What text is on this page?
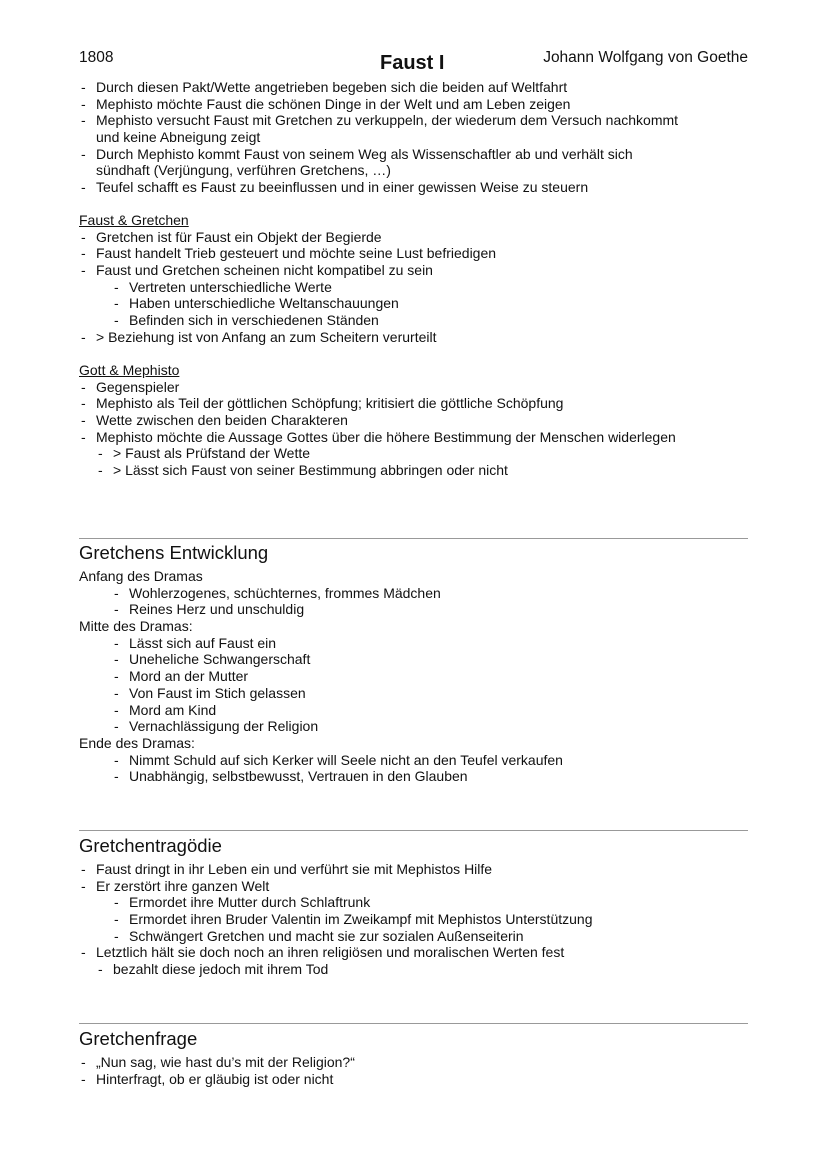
1808	Faust I	Johann Wolfgang von Goethe
- Durch diesen Pakt/Wette angetrieben begeben sich die beiden auf Weltfahrt
- Mephisto möchte Faust die schönen Dinge in der Welt und am Leben zeigen
- Mephisto versucht Faust mit Gretchen zu verkuppeln, der wiederum dem Versuch nachkommt
und keine Abneigung zeigt
- Durch Mephisto kommt Faust von seinem Weg als Wissenschaftler ab und verhält sich
sündhaft (Verjüngung, verführen Gretchens, …)
- Teufel schafft es Faust zu beeinflussen und in einer gewissen Weise zu steuern
Faust & Gretchen
- Gretchen ist für Faust ein Objekt der Begierde
- Faust handelt Trieb gesteuert und möchte seine Lust befriedigen
- Faust und Gretchen scheinen nicht kompatibel zu sein
- Vertreten unterschiedliche Werte
- Haben unterschiedliche Weltanschauungen
- Befinden sich in verschiedenen Ständen
- > Beziehung ist von Anfang an zum Scheitern verurteilt
Gott & Mephisto
- Gegenspieler
- Mephisto als Teil der göttlichen Schöpfung; kritisiert die göttliche Schöpfung
- Wette zwischen den beiden Charakteren
- Mephisto möchte die Aussage Gottes über die höhere Bestimmung der Menschen widerlegen
- > Faust als Prüfstand der Wette
- > Lässt sich Faust von seiner Bestimmung abbringen oder nicht
Gretchens Entwicklung
Anfang des Dramas
- Wohlerzogenes, schüchternes, frommes Mädchen
- Reines Herz und unschuldig
Mitte des Dramas:
- Lässt sich auf Faust ein
- Uneheliche Schwangerschaft
- Mord an der Mutter
- Von Faust im Stich gelassen
- Mord am Kind
- Vernachlässigung der Religion
Ende des Dramas:
- Nimmt Schuld auf sich Kerker will Seele nicht an den Teufel verkaufen
- Unabhängig, selbstbewusst, Vertrauen in den Glauben
Gretchentragödie
- Faust dringt in ihr Leben ein und verführt sie mit Mephistos Hilfe
- Er zerstört ihre ganzen Welt
- Ermordet ihre Mutter durch Schlaftrunk
- Ermordet ihren Bruder Valentin im Zweikampf mit Mephistos Unterstützung
- Schwängert Gretchen und macht sie zur sozialen Außenseiterin
- Letztlich hält sie doch noch an ihren religiösen und moralischen Werten fest
- bezahlt diese jedoch mit ihrem Tod
Gretchenfrage
- „Nun sag, wie hast du’s mit der Religion?“
- Hinterfragt, ob er gläubig ist oder nicht
